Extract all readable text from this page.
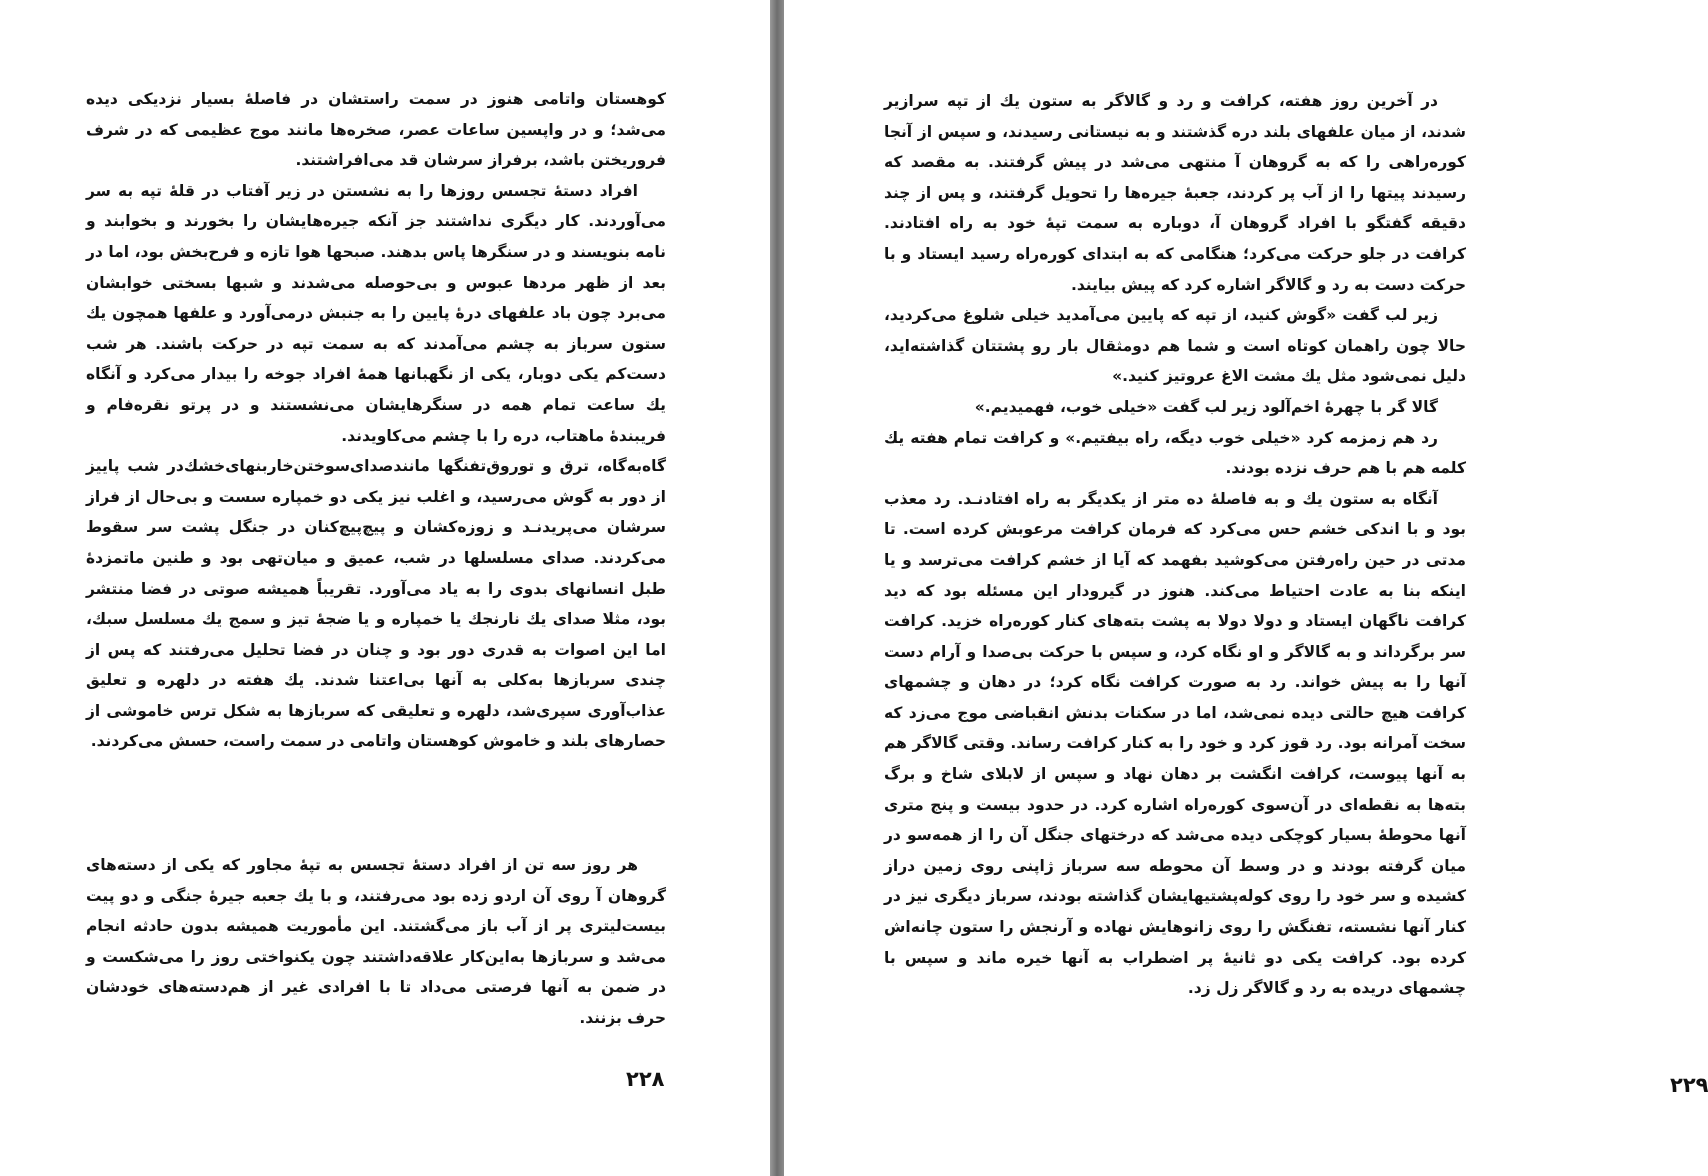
کوهستان واتامی هنوز در سمت راستشان در فاصلهٔ بسیار نزدیکی دیده می‌شد؛ و در واپسین ساعات عصر، صخره‌ها مانند موج عظیمی که در شرف فروریختن باشد، برفراز سرشان قد می‌افراشتند.

افراد دستهٔ تجسس روزها را به نشستن در زیر آفتاب در قلهٔ تپه به سر می‌آوردند. کار دیگری نداشتند جز آنکه جیره‌هایشان را بخورند و بخوابند و نامه بنویسند و در سنگرها پاس بدهند. صبحها هوا تازه و فرح‌بخش بود، اما در بعد از ظهر مردها عبوس و بی‌حوصله می‌شدند و شبها بسختی خوابشان می‌برد چون باد علفهای درهٔ پایین را به جنبش درمی‌آورد و علفها همچون یك ستون سرباز به چشم می‌آمدند که به سمت تپه در حرکت باشند. هر شب دست‌کم یکی دوبار، یکی از نگهبانها همهٔ افراد جوخه را بیدار می‌کرد و آنگاه یك ساعت تمام همه در سنگرهایشان می‌نشستند و در پرتو نقره‌فام و فریبندهٔ ماهتاب، دره را با چشم می‌کاویدند.

گاه‌به‌گاه، ترق و توروق‌تفنگها مانندصدای‌سوختن‌خاربنهای‌خشك‌در شب پاییز از دور به گوش می‌رسید، و اغلب نیز یکی دو خمپاره سست و بی‌حال از فراز سرشان می‌پریدنـد و زوزه‌کشان و پیچ‌پیچ‌کنان در جنگل پشت سر سقوط می‌کردند. صدای مسلسلها در شب، عمیق و میان‌تهی بود و طنین ماتمزدهٔ طبل انسانهای بدوی را به یاد می‌آورد. تقریباً همیشه صوتی در فضا منتشر بود، مثلا صدای یك نارنجك یا خمپاره و یا ضجهٔ تیز و سمج یك مسلسل سبك، اما این اصوات به قدری دور بود و چنان در فضا تحلیل می‌رفتند که پس از چندی سربازها به‌کلی به آنها بی‌اعتنا شدند. یك هفته در دلهره و تعلیق عذاب‌آوری سپری‌شد، دلهره و تعلیقی که سربازها به شکل ترس خاموشی از حصارهای بلند و خاموش کوهستان واتامی در سمت راست، حسش می‌کردند.

هر روز سه تن از افراد دستهٔ تجسس به تپهٔ مجاور که یکی از دسته‌های گروهان آ روی آن اردو زده بود می‌رفتند، و با یك جعبه جیرهٔ جنگی و دو پیت بیست‌لیتری پر از آب باز می‌گشتند. این مأموریت همیشه بدون حادثه انجام می‌شد و سربازها به‌این‌کار علاقه‌داشتند چون یکنواختی روز را می‌شکست و در ضمن به آنها فرصتی می‌داد تا با افرادی غیر از هم‌دسته‌های خودشان حرف بزنند.

۲۲۸

در آخرین روز هفته، کرافت و رد و گالاگر به ستون یك از تپه سرازیر شدند، از میان علفهای بلند دره گذشتند و به نیستانی رسیدند، و سپس از آنجا کوره‌راهی را که به گروهان آ منتهی می‌شد در پیش گرفتند. به مقصد که رسیدند پیتها را از آب پر کردند، جعبهٔ جیره‌ها را تحویل گرفتند، و پس از چند دقیقه گفتگو با افراد گروهان آ، دوباره به سمت تپهٔ خود به راه افتادند. کرافت در جلو حرکت می‌کرد؛ هنگامی که به ابتدای کوره‌راه رسید ایستاد و با حرکت دست به رد و گالاگر اشاره کرد که پیش بیایند.

زیر لب گفت «گوش کنید، از تپه که پایین می‌آمدید خیلی شلوغ می‌کردید، حالا چون راهمان کوتاه است و شما هم دومثقال بار رو پشتتان گذاشته‌اید، دلیل نمی‌شود مثل یك مشت الاغ عروتیز کنید.»

گالا گر با چهرهٔ اخم‌آلود زیر لب گفت «خیلی خوب، فهمیدیم.»

رد هم زمزمه کرد «خیلی خوب دیگه، راه بیفتیم.» و کرافت تمام هفته یك کلمه هم با هم حرف نزده بودند.

آنگاه به ستون یك و به فاصلهٔ ده متر از یکدیگر به راه افتادنـد. رد معذب بود و با اندکی خشم حس می‌کرد که فرمان کرافت مرعوبش کرده است. تا مدتی در حین راه‌رفتن می‌کوشید بفهمد که آیا از خشم کرافت می‌ترسد و یا اینکه بنا به عادت احتیاط می‌کند. هنوز در گیرودار این مسئله بود که دید کرافت ناگهان ایستاد و دولا دولا به پشت بته‌های کنار کوره‌راه خزید. کرافت سر برگرداند و به گالاگر و او نگاه کرد، و سپس با حرکت بی‌صدا و آرام دست آنها را به پیش خواند. رد به صورت کرافت نگاه کرد؛ در دهان و چشمهای کرافت هیچ حالتی دیده نمی‌شد، اما در سکنات بدنش انقباضی موج می‌زد که سخت آمرانه بود. رد قوز کرد و خود را به کنار کرافت رساند. وقتی گالاگر هم به آنها پیوست، کرافت انگشت بر دهان نهاد و سپس از لابلای شاخ و برگ بته‌ها به نقطه‌ای در آن‌سوی کوره‌راه اشاره کرد. در حدود بیست و پنج متری آنها محوطهٔ بسیار کوچکی دیده می‌شد که درختهای جنگل آن را از همه‌سو در میان گرفته بودند و در وسط آن محوطه سه سرباز ژاپنی روی زمین دراز کشیده و سر خود را روی کوله‌پشتیهایشان گذاشته بودند، سرباز دیگری نیز در کنار آنها نشسته، تفنگش را روی زانوهایش نهاده و آرنجش را ستون چانه‌اش کرده بود. کرافت یکی دو ثانیهٔ پر اضطراب به آنها خیره ماند و سپس با چشمهای دریده به رد و گالاگر زل زد.

۲۲۹
